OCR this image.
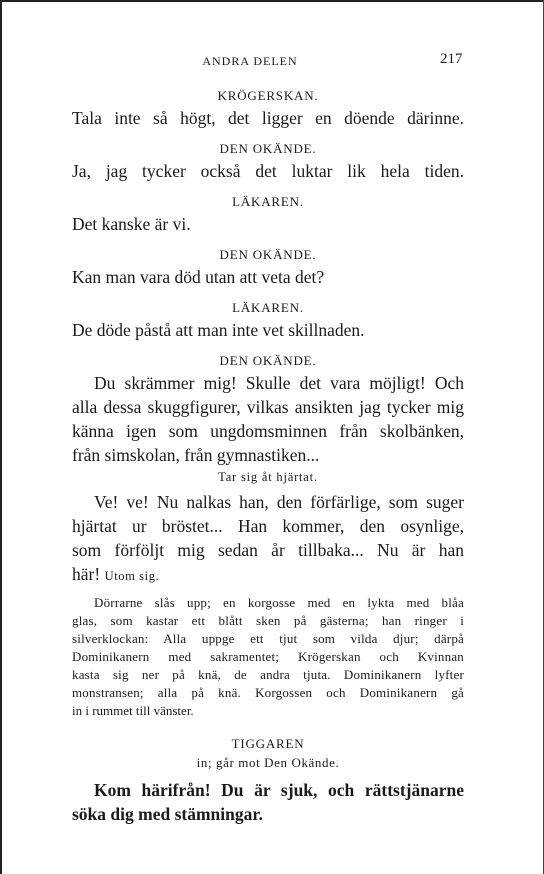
ANDRA DELEN	217

KRÖGERSKAN.

Tala inte så högt, det ligger en döende därinne.

DEN OKÄNDE.

Ja, jag tycker också det luktar lik hela tiden.

LÄKAREN.

Det kanske är vi.

DEN OKÄNDE.

Kan man vara död utan att veta det?

LÄKAREN.

De döde påstå att man inte vet skillnaden.

DEN OKÄNDE.

Du skrämmer mig! Skulle det vara möjligt! Och
alla dessa skuggfigurer, vilkas ansikten jag tycker mig
känna igen som ungdomsminnen från skolbänken,
från simskolan, från gymnastiken...

Tar sig åt hjärtat.

Ve! ve! Nu nalkas han, den förfärlige, som suger
hjärtat ur bröstet... Han kommer, den osynlige,
som förföljt mig sedan år tillbaka... Nu är han
här! Utom sig.

Dörrarne slås upp; en korgosse med en lykta med blåa
glas, som kastar ett blått sken på gästerna; han ringer i
silverklockan: Alla uppge ett tjut som vilda djur; därpå
Dominikanern med sakramentet; Krögerskan och Kvinnan
kasta sig ner på knä, de andra tjuta. Dominikanern lyfter
monstransen; alla på knä. Korgossen och Dominikanern gå
in i rummet till vänster.

TIGGAREN

in; går mot Den Okände.

Kom härifrån! Du är sjuk, och rättstjänarne
söka dig med stämningar.
